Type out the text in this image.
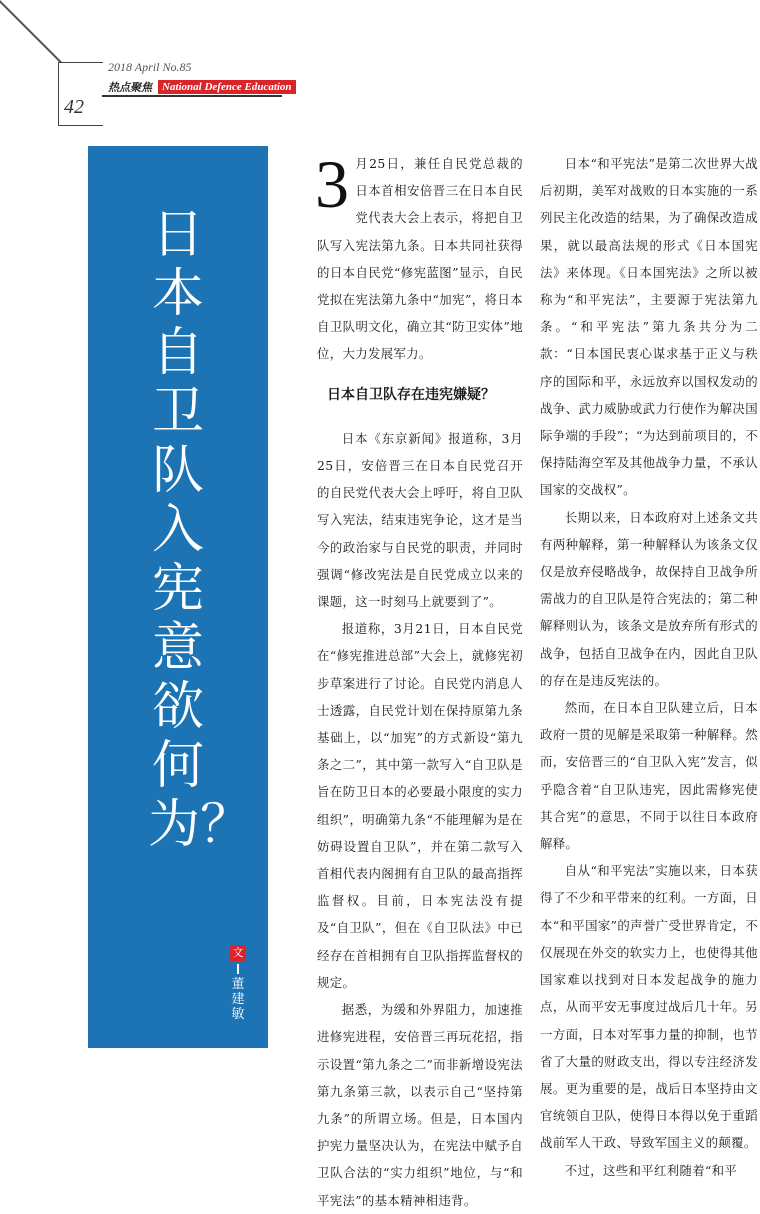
42
2018 April No.85
热点聚焦 National Defence Education
日本自卫队入宪意欲何为？
文
董建敏

3 月25日，兼任自民党总裁的日本首相安倍晋三在日本自民党代表大会上表示，将把自卫队写入宪法第九条。日本共同社获得的日本自民党“修宪蓝图”显示，自民党拟在宪法第九条中“加宪”，将日本自卫队明文化，确立其“防卫实体”地位，大力发展军力。

日本自卫队存在违宪嫌疑？

日本《东京新闻》报道称，3月25日，安倍晋三在日本自民党召开的自民党代表大会上呼吁，将自卫队写入宪法，结束违宪争论，这才是当今的政治家与自民党的职责，并同时强调“修改宪法是自民党成立以来的课题，这一时刻马上就要到了”。

报道称，3月21日，日本自民党在“修宪推进总部”大会上，就修宪初步草案进行了讨论。自民党内消息人士透露，自民党计划在保持原第九条基础上，以“加宪”的方式新设“第九条之二”，其中第一款写入“自卫队是旨在防卫日本的必要最小限度的实力组织”，明确第九条“不能理解为是在妨碍设置自卫队”，并在第二款写入首相代表内阁拥有自卫队的最高指挥监督权。目前，日本宪法没有提及“自卫队”，但在《自卫队法》中已经存在首相拥有自卫队指挥监督权的规定。

据悉，为缓和外界阻力，加速推进修宪进程，安倍晋三再玩花招，指示设置“第九条之二”而非新增设宪法第九条第三款，以表示自己“坚持第九条”的所谓立场。但是，日本国内护宪力量坚决认为，在宪法中赋予自卫队合法的“实力组织”地位，与“和平宪法”的基本精神相违背。

日本“和平宪法”是第二次世界大战后初期，美军对战败的日本实施的一系列民主化改造的结果，为了确保改造成果，就以最高法规的形式《日本国宪法》来体现。《日本国宪法》之所以被称为“和平宪法”，主要源于宪法第九条。“和平宪法”第九条共分为二款：“日本国民衷心谋求基于正义与秩序的国际和平，永远放弃以国权发动的战争、武力威胁或武力行使作为解决国际争端的手段”；“为达到前项目的，不保持陆海空军及其他战争力量，不承认国家的交战权”。

长期以来，日本政府对上述条文共有两种解释，第一种解释认为该条文仅仅是放弃侵略战争，故保持自卫战争所需战力的自卫队是符合宪法的；第二种解释则认为，该条文是放弃所有形式的战争，包括自卫战争在内，因此自卫队的存在是违反宪法的。

然而，在日本自卫队建立后，日本政府一贯的见解是采取第一种解释。然而，安倍晋三的“自卫队入宪”发言，似乎隐含着“自卫队违宪，因此需修宪使其合宪”的意思，不同于以往日本政府解释。

自从“和平宪法”实施以来，日本获得了不少和平带来的红利。一方面，日本“和平国家”的声誉广受世界肯定，不仅展现在外交的软实力上，也使得其他国家难以找到对日本发起战争的施力点，从而平安无事度过战后几十年。另一方面，日本对军事力量的抑制，也节省了大量的财政支出，得以专注经济发展。更为重要的是，战后日本坚持由文官统领自卫队，使得日本得以免于重蹈战前军人干政、导致军国主义的颠覆。

不过，这些和平红利随着“和平
